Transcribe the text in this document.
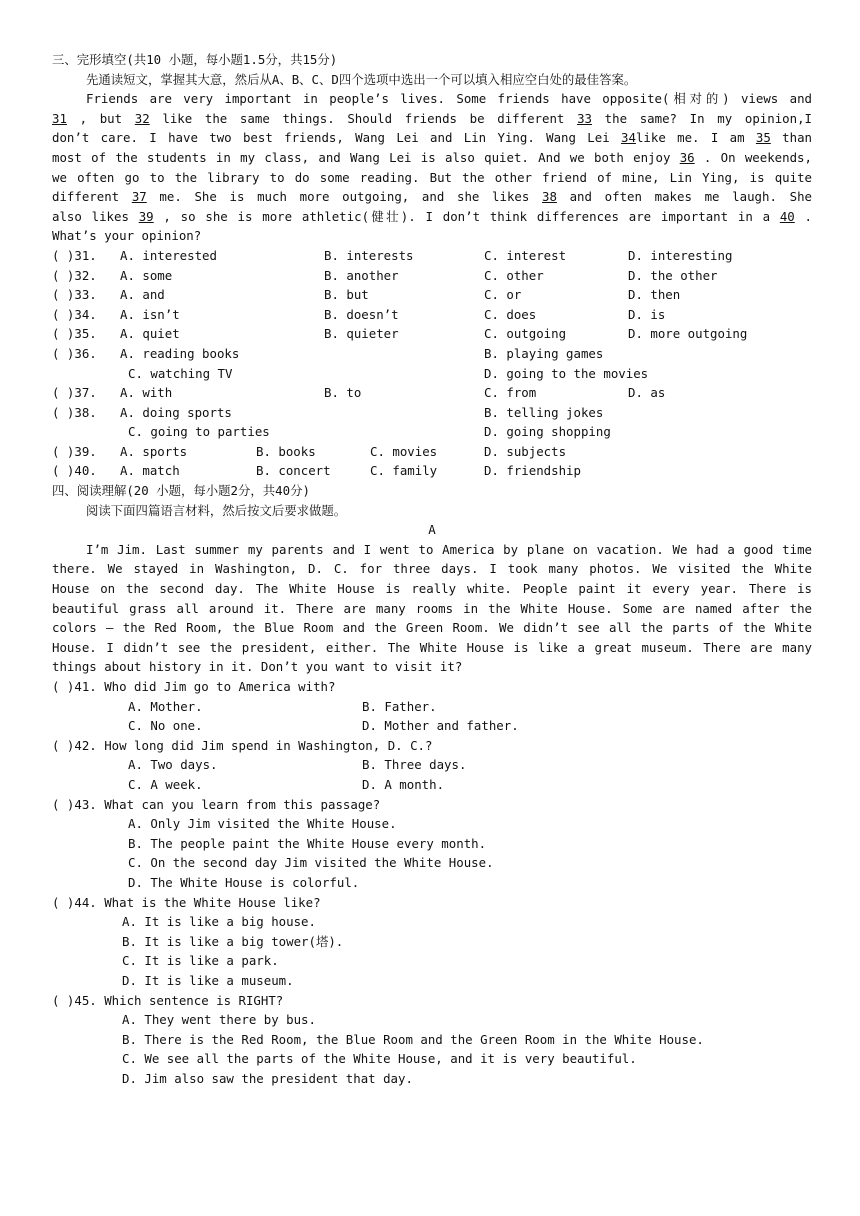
三、完形填空(共10 小题，每小题1.5分，共15分)
先通读短文，掌握其大意，然后从A、B、C、D四个选项中选出一个可以填入相应空白处的最佳答案。
Friends are very important in people’s lives. Some friends have opposite(相对的) views and
31 , but 32 like the same things. Should friends be different 33 the same? In my opinion,I
don’t care. I have two best friends, Wang Lei and Lin Ying. Wang Lei 34like me. I am 35 than
most of the students in my class, and Wang Lei is also quiet. And we both enjoy 36 . On weekends,
we often go to the library to do some reading. But the other friend of mine, Lin Ying, is quite
different 37 me. She is much more outgoing, and she likes 38 and often makes me laugh. She
also likes 39 , so she is more athletic(健壮). I don’t think differences are important in a 40 .
What’s your opinion?
( )31. A. interested	B. interests	C. interest	D. interesting
( )32. A. some	B. another	C. other	D. the other
( )33. A. and	B. but	C. or	D. then
( )34. A. isn’t	B. doesn’t	C. does	D. is
( )35. A. quiet	B. quieter	C. outgoing	D. more outgoing
( )36. A. reading books	B. playing games
C. watching TV	D. going to the movies
( )37. A. with	B. to	C. from	D. as
( )38. A. doing sports	B. telling jokes
C. going to parties	D. going shopping
( )39. A. sports	B. books	C. movies	D. subjects
( )40. A. match	B. concert	C. family	D. friendship
四、阅读理解(20 小题，每小题2分，共40分)
阅读下面四篇语言材料，然后按文后要求做题。
A
I’m Jim. Last summer my parents and I went to America by plane on vacation. We had a good time
there. We stayed in Washington, D. C. for three days. I took many photos. We visited the White
House on the second day. The White House is really white. People paint it every year. There is
beautiful grass all around it. There are many rooms in the White House. Some are named after the
colors — the Red Room, the Blue Room and the Green Room. We didn’t see all the parts of the White
House. I didn’t see the president, either. The White House is like a great museum. There are many
things about history in it. Don’t you want to visit it?
( )41. Who did Jim go to America with?
A. Mother.	B. Father.
C. No one.	D. Mother and father.
( )42. How long did Jim spend in Washington, D. C.?
A. Two days.	B. Three days.
C. A week.	D. A month.
( )43. What can you learn from this passage?
A. Only Jim visited the White House.
B. The people paint the White House every month.
C. On the second day Jim visited the White House.
D. The White House is colorful.
( )44. What is the White House like?
A. It is like a big house.
B. It is like a big tower(塔).
C. It is like a park.
D. It is like a museum.
( )45. Which sentence is RIGHT?
A. They went there by bus.
B. There is the Red Room, the Blue Room and the Green Room in the White House.
C. We see all the parts of the White House, and it is very beautiful.
D. Jim also saw the president that day.
